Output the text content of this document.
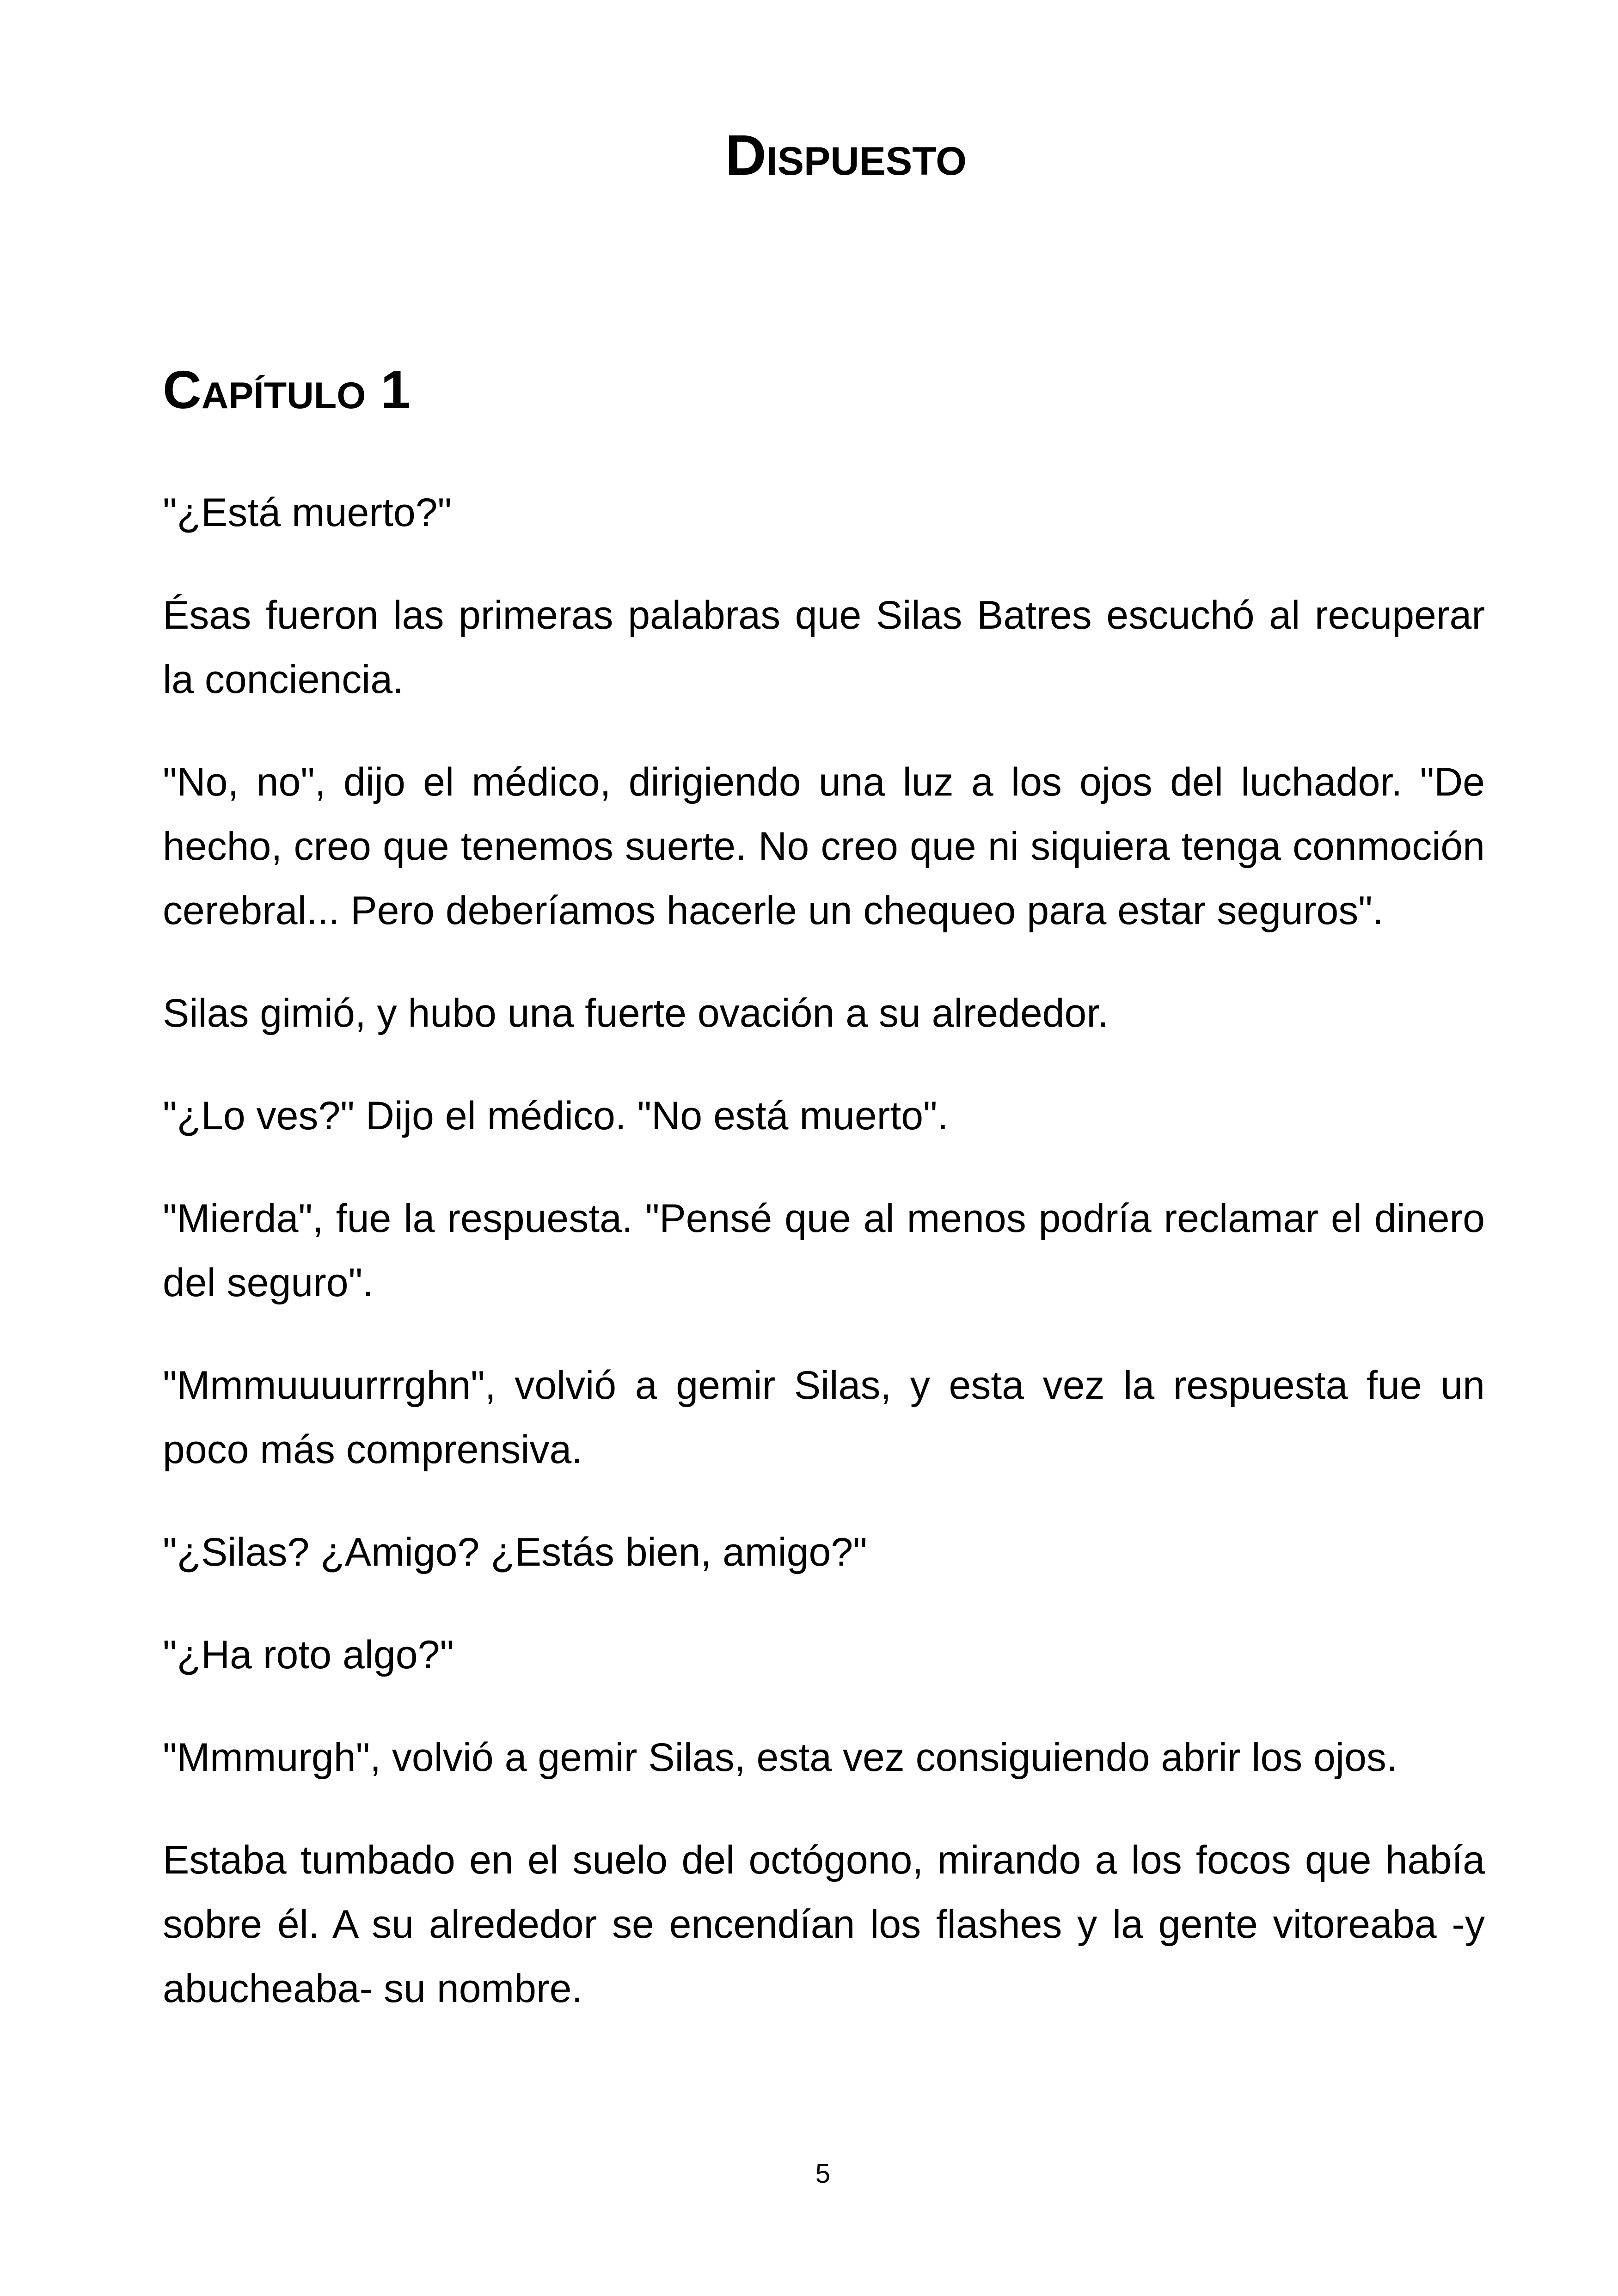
Dispuesto
Capítulo 1

"¿Está muerto?"

Ésas fueron las primeras palabras que Silas Batres escuchó al recuperar la conciencia.

"No, no", dijo el médico, dirigiendo una luz a los ojos del luchador. "De hecho, creo que tenemos suerte. No creo que ni siquiera tenga conmoción cerebral... Pero deberíamos hacerle un chequeo para estar seguros".

Silas gimió, y hubo una fuerte ovación a su alrededor.

"¿Lo ves?" Dijo el médico. "No está muerto".

"Mierda", fue la respuesta. "Pensé que al menos podría reclamar el dinero del seguro".

"Mmmuuuurrrghn", volvió a gemir Silas, y esta vez la respuesta fue un poco más comprensiva.

"¿Silas? ¿Amigo? ¿Estás bien, amigo?"

"¿Ha roto algo?"

"Mmmurgh", volvió a gemir Silas, esta vez consiguiendo abrir los ojos.

Estaba tumbado en el suelo del octógono, mirando a los focos que había sobre él. A su alrededor se encendían los flashes y la gente vitoreaba -y abucheaba- su nombre.

5
